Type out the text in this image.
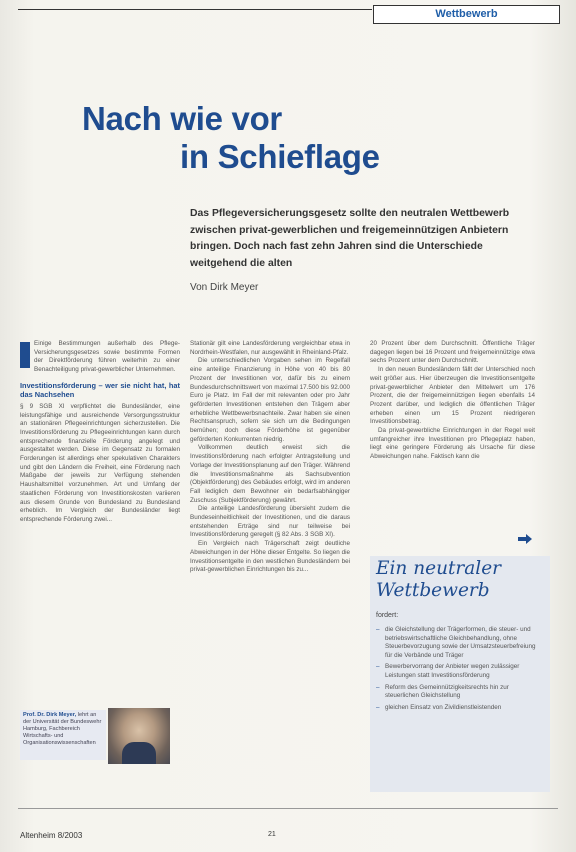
Wettbewerb
Nach wie vor
in Schieflage
Das Pflegeversicherungsgesetz sollte den neutralen Wettbewerb zwischen privat-gewerblichen und freigemeinnützigen Anbietern bringen. Doch nach fast zehn Jahren sind die Unterschiede weitgehend die alten
Von Dirk Meyer

Einige Bestimmungen außerhalb des Pflege-Versicherungsgesetzes sowie bestimmte Formen der Direktförderung führen weiterhin zu einer Benachteiligung privat-gewerblicher Unternehmen.

Investitionsförderung – wer sie nicht hat, hat das Nachsehen

§ 9 SGB XI verpflichtet die Bundesländer, eine leistungsfähige und ausreichende Versorgungsstruktur an stationären Pflegeeinrichtungen sicherzustellen. Die Investitionsförderung zu Pflegeeinrichtungen kann durch entsprechende finanzielle Förderung angelegt und ausgestaltet werden. Diese im Gegensatz zu formalen Forderungen ist allerdings eher spekulativen Charakters und gibt den Ländern die Freiheit, eine Förderung nach Maßgabe der jeweils zur Verfügung stehenden Haushaltsmittel vorzunehmen. Art und Umfang der staatlichen Förderung von Investitionskosten variieren aus diesem Grunde von Bundesland zu Bundesland erheblich. Im Vergleich der Bundesländer liegt entsprechende Förderung zwei...

Prof. Dr. Dirk Meyer, lehrt an der Universität der Bundeswehr Hamburg, Fachbereich Wirtschafts- und Organisationswissenschaften

Stationär gilt eine Landesförderung vergleichbar etwa in Nordrhein-Westfalen, nur ausgewählt in Rheinland-Pfalz.

Die unterschiedlichen Vorgaben sehen im Regelfall eine anteilige Finanzierung in Höhe von 40 bis 80 Prozent der Investitionen vor, dafür bis zu einem Bundesdurchschnittswert von maximal 17.500 bis 92.000 Euro je Platz. Im Fall der mit relevanten oder pro Jahr geförderten Investitionen entstehen den Trägern aber erhebliche Wettbewerbsnachteile. Zwar haben sie einen Rechtsanspruch, sofern sie sich um die Bedingungen bemühen; doch diese Förderhöhe ist gegenüber geförderten Konkurrenten niedrig.

Vollkommen deutlich erweist sich die Investitionsförderung nach erfolgter Antragstellung und Vorlage der Investitionsplanung auf den Träger. Während die Investitionsmaßnahme als Sachsubvention (Objektförderung) des Gebäudes erfolgt, wird im anderen Fall lediglich dem Bewohner ein bedarfsabhängiger Zuschuss (Subjektförderung) gewährt.

Die anteilige Landesförderung übersieht zudem die Bundeseinheitlichkeit der Investitionen, und die daraus entstehenden Erträge sind nur teilweise bei Investitionsförderung geregelt (§ 82 Abs. 3 SGB XI).

Ein Vergleich nach Trägerschaft zeigt deutliche Abweichungen in der Höhe dieser Entgelte. So liegen die Investitionsentgelte in den westlichen Bundesländern bei privat-gewerblichen Einrichtungen bis zu...

20 Prozent über dem Durchschnitt. Öffentliche Träger dagegen liegen bei 16 Prozent und freigemeinnützige etwa sechs Prozent unter dem Durchschnitt.

In den neuen Bundesländern fällt der Unterschied noch weit größer aus. Hier überzeugen die Investitionsentgelte privat-gewerblicher Anbieter den Mittelwert um 176 Prozent, die der freigemeinnützigen liegen ebenfalls 14 Prozent darüber, und lediglich die öffentlichen Träger erheben einen um 15 Prozent niedrigeren Investitionsbetrag.

Da privat-gewerbliche Einrichtungen in der Regel weit umfangreicher ihre Investitionen pro Pflegeplatz haben, liegt eine geringere Förderung als Ursache für diese Abweichungen nahe. Faktisch kann die

Ein neutraler Wettbewerb
fordert:
– die Gleichstellung der Trägerformen, die steuer- und betriebswirtschaftliche Gleichbehandlung, ohne Steuerbevorzugung sowie der Umsatzsteuerbefreiung für die Verbände und Träger
– Bewerbervorrang der Anbieter wegen zulässiger Leistungen statt Investitionsförderung
– Reform des Gemeinnützigkeitsrechts hin zur steuerlichen Gleichstellung
– gleichen Einsatz von Zivildienstleistenden
Altenheim 8/2003	21
